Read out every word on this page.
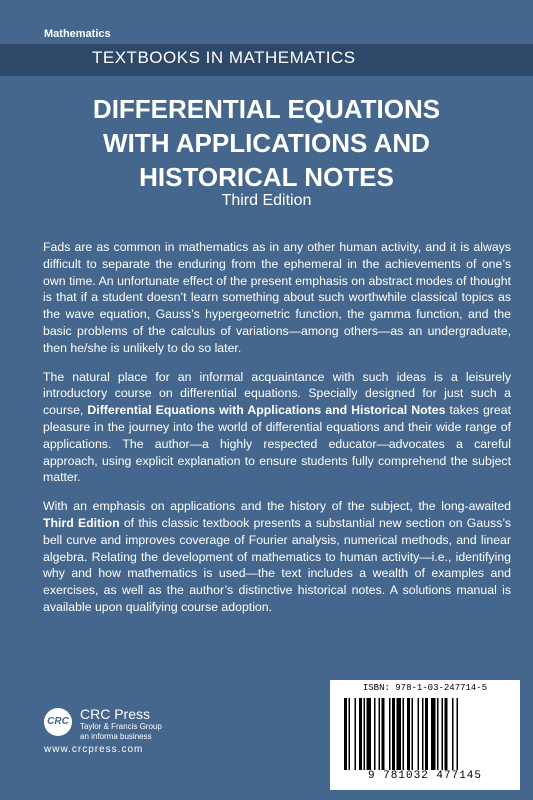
Mathematics
TEXTBOOKS IN MATHEMATICS
DIFFERENTIAL EQUATIONS
WITH APPLICATIONS AND
HISTORICAL NOTES
Third Edition

Fads are as common in mathematics as in any other human activity, and it is always difficult to separate the enduring from the ephemeral in the achievements of one’s own time. An unfortunate effect of the present emphasis on abstract modes of thought is that if a student doesn’t learn something about such worthwhile classical topics as the wave equation, Gauss’s hypergeometric function, the gamma function, and the basic problems of the calculus of variations—among others—as an undergraduate, then he/she is unlikely to do so later.

The natural place for an informal acquaintance with such ideas is a leisurely introductory course on differential equations. Specially designed for just such a course, Differential Equations with Applications and Historical Notes takes great pleasure in the journey into the world of differential equations and their wide range of applications. The author—a highly respected educator—advocates a careful approach, using explicit explanation to ensure students fully comprehend the subject matter.

With an emphasis on applications and the history of the subject, the long-awaited Third Edition of this classic textbook presents a substantial new section on Gauss’s bell curve and improves coverage of Fourier analysis, numerical methods, and linear algebra. Relating the development of mathematics to human activity—i.e., identifying why and how mathematics is used—the text includes a wealth of examples and exercises, as well as the author’s distinctive historical notes. A solutions manual is available upon qualifying course adoption.

CRC CRC Press
Taylor & Francis Group
an informa business
www.crcpress.com
ISBN: 978-1-03-247714-5
9 781032 477145
